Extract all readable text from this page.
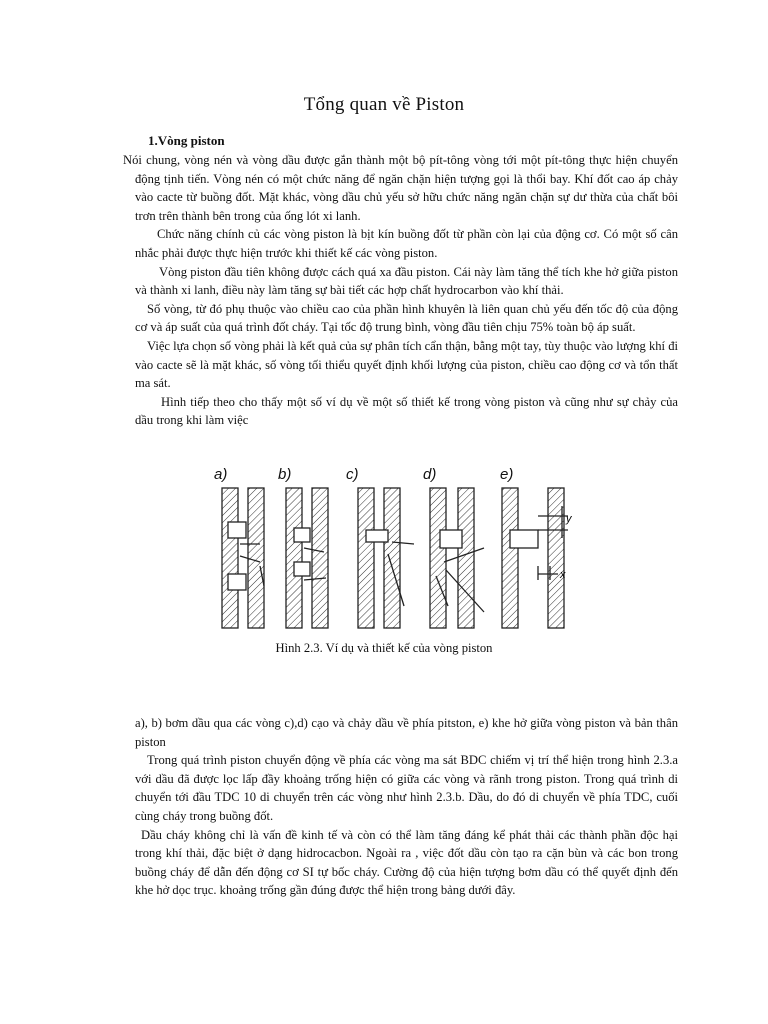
Tổng quan về Piston
1.Vòng piston

Nói chung, vòng nén và vòng dầu được gắn thành một bộ pít-tông vòng tới một pít-tông thực hiện chuyển động tịnh tiến. Vòng nén có một chức năng để ngăn chặn hiện tượng gọi là thổi bay. Khí đốt cao áp chảy vào cacte từ buồng đốt. Mặt khác, vòng dầu chủ yếu sở hữu chức năng ngăn chặn sự dư thừa của chất bôi trơn trên thành bên trong của ống lót xi lanh.

Chức năng chính củ các vòng piston là bịt kín buồng đốt từ phần còn lại của động cơ. Có một số cân nhắc phải được thực hiện trước khi thiết kế các vòng piston.

Vòng piston đầu tiên không được cách quá xa đầu piston. Cái này làm tăng thể tích khe hở giữa piston và thành xi lanh, điều này làm tăng sự bài tiết các hợp chất hydrocarbon vào khí thải.

Số vòng, từ đó phụ thuộc vào chiều cao của phần hình khuyên là liên quan chủ yếu đến tốc độ của động cơ và áp suất của quá trình đốt cháy. Tại tốc độ trung bình, vòng đầu tiên chịu 75% toàn bộ áp suất.

Việc lựa chọn số vòng phải là kết quả của sự phân tích cẩn thận, bằng một tay, tùy thuộc vào lượng khí đi vào cacte sẽ là mặt khác, số vòng tối thiểu quyết định khối lượng của piston, chiều cao động cơ và tổn thất ma sát.

Hình tiếp theo cho thấy một số ví dụ về một số thiết kế trong vòng piston và cũng như sự chảy của dầu trong khi làm việc

a)	b)	c)	d)	e)
y
x
Hình 2.3. Ví dụ và thiết kế của vòng piston

a), b) bơm dầu qua các vòng c),d) cạo và chảy dầu về phía pitston, e) khe hở giữa vòng piston và bản thân piston

Trong quá trình piston chuyển động về phía các vòng ma sát BDC chiếm vị trí thể hiện trong hình 2.3.a với dầu đã được lọc lấp đầy khoảng trống hiện có giữa các vòng và rãnh trong piston. Trong quá trình di chuyển tới đầu TDC 10 di chuyển trên các vòng như hình 2.3.b. Dầu, do đó di chuyển về phía TDC, cuối cùng cháy trong buồng đốt.

Dầu cháy không chỉ là vấn đề kinh tế và còn có thể làm tăng đáng kể phát thải các thành phần độc hại trong khí thải, đặc biệt ở dạng hidrocacbon. Ngoài ra , việc đốt dầu còn tạo ra cặn bùn và các bon trong buồng cháy để dẫn đến động cơ SI tự bốc cháy. Cường độ của hiện tượng bơm dầu có thể quyết định đến khe hở dọc trục. khoảng trống gần đúng được thể hiện trong bảng dưới đây.
